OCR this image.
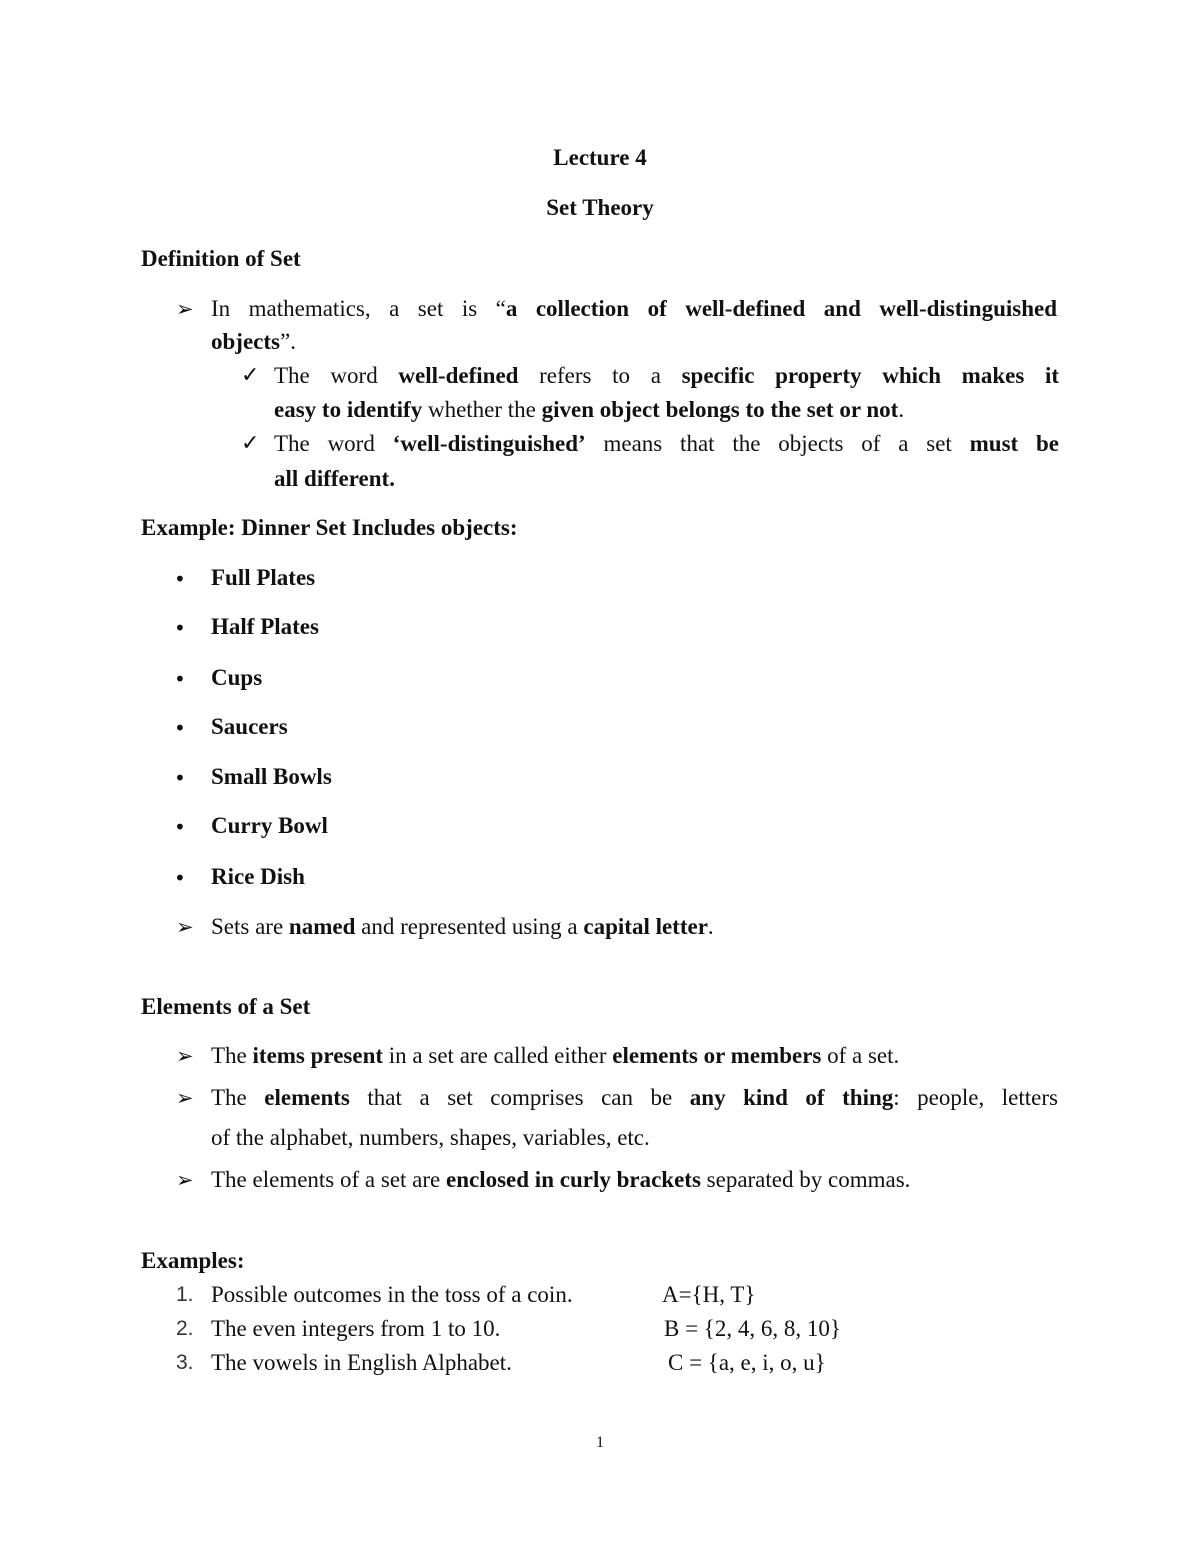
Lecture 4
Set Theory
Definition of Set
➢ In mathematics, a set is “a collection of well-defined and well-distinguished
objects”.
✓ The word well-defined refers to a specific property which makes it
easy to identify whether the given object belongs to the set or not.
✓ The word ‘well-distinguished’ means that the objects of a set must be
all different.
Example: Dinner Set Includes objects:
• Full Plates
• Half Plates
• Cups
• Saucers
• Small Bowls
• Curry Bowl
• Rice Dish
➢ Sets are named and represented using a capital letter.
Elements of a Set
➢ The items present in a set are called either elements or members of a set.
➢ The elements that a set comprises can be any kind of thing: people, letters
of the alphabet, numbers, shapes, variables, etc.
➢ The elements of a set are enclosed in curly brackets separated by commas.
Examples:
1. Possible outcomes in the toss of a coin.	A={H, T}
2. The even integers from 1 to 10.	B = {2, 4, 6, 8, 10}
3. The vowels in English Alphabet.	C = {a, e, i, o, u}
1
